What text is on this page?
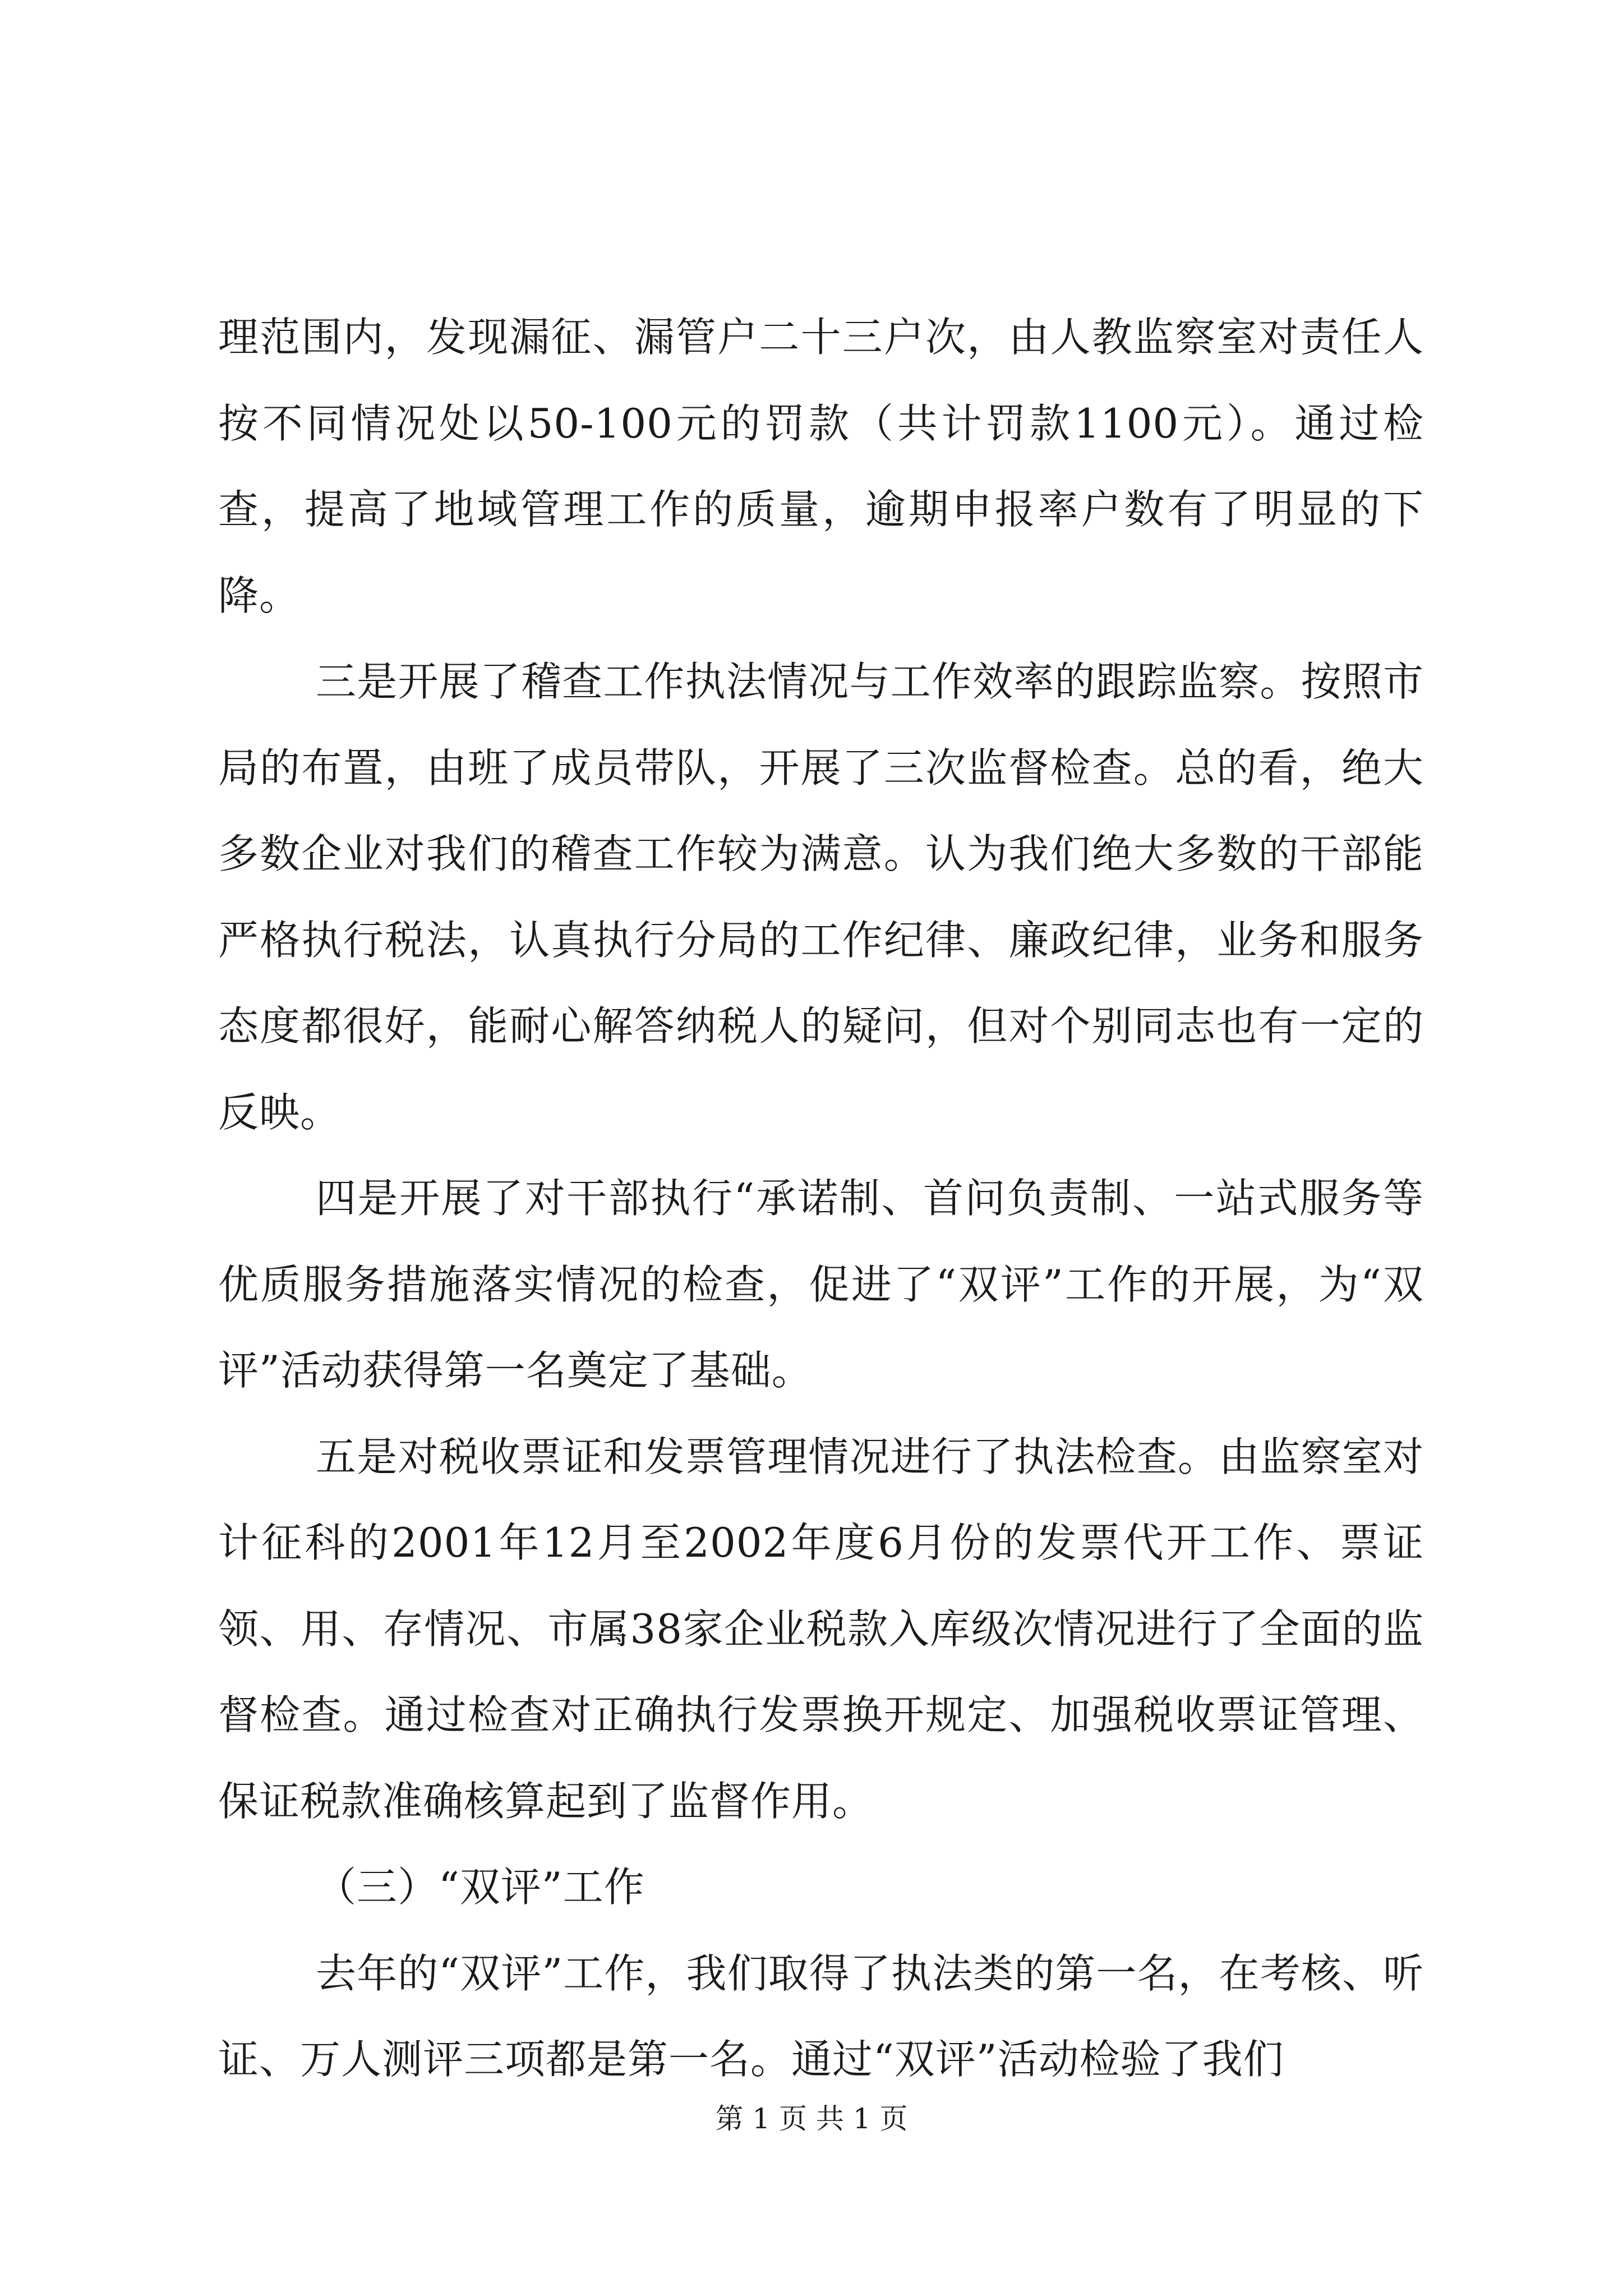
理范围内，发现漏征、漏管户二十三户次，由人教监察室对责任人按不同情况处以50-100元的罚款（共计罚款1100元）。通过检查，提高了地域管理工作的质量，逾期申报率户数有了明显的下降。

三是开展了稽查工作执法情况与工作效率的跟踪监察。按照市局的布置，由班了成员带队，开展了三次监督检查。总的看，绝大多数企业对我们的稽查工作较为满意。认为我们绝大多数的干部能严格执行税法，认真执行分局的工作纪律、廉政纪律，业务和服务态度都很好，能耐心解答纳税人的疑问，但对个别同志也有一定的反映。

四是开展了对干部执行“承诺制、首问负责制、一站式服务等优质服务措施落实情况的检查，促进了“双评”工作的开展，为“双评”活动获得第一名奠定了基础。

五是对税收票证和发票管理情况进行了执法检查。由监察室对计征科的2001年12月至2002年度6月份的发票代开工作、票证领、用、存情况、市属38家企业税款入库级次情况进行了全面的监督检查。通过检查对正确执行发票换开规定、加强税收票证管理、保证税款准确核算起到了监督作用。

（三）“双评”工作

去年的“双评”工作，我们取得了执法类的第一名，在考核、听证、万人测评三项都是第一名。通过“双评”活动检验了我们

第 1 页 共 1 页
